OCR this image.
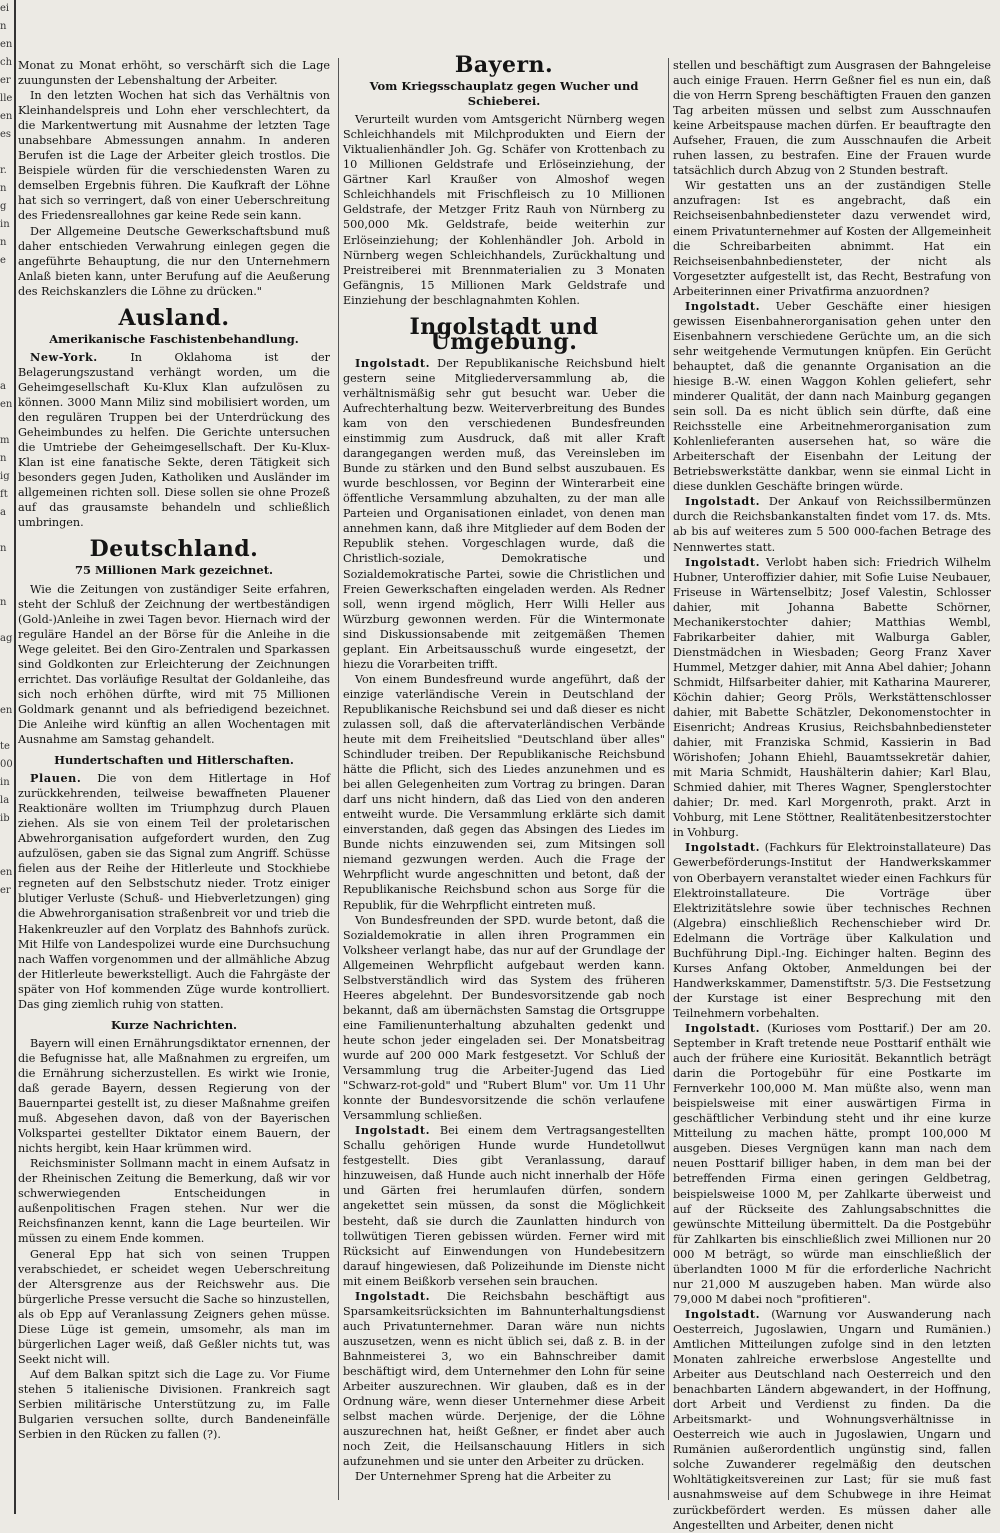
ei
n
en
ch
er
lle
en
es
r.
n
g
in
n
e
a
en
m
n
ig
ft
a
n
n
ag
en
te
00
in
la
ib
en
er

Monat zu Monat erhöht, so verschärft sich die Lage zuungunsten der Lebenshaltung der Arbeiter.

In den letzten Wochen hat sich das Verhältnis von Kleinhandelspreis und Lohn eher verschlechtert, da die Markentwertung mit Ausnahme der letzten Tage unabsehbare Abmessungen annahm. In anderen Berufen ist die Lage der Arbeiter gleich trostlos. Die Beispiele würden für die verschiedensten Waren zu demselben Ergebnis führen. Die Kaufkraft der Löhne hat sich so verringert, daß von einer Ueberschreitung des Friedensreallohnes gar keine Rede sein kann.

Der Allgemeine Deutsche Gewerkschaftsbund muß daher entschieden Verwahrung einlegen gegen die angeführte Behauptung, die nur den Unternehmern Anlaß bieten kann, unter Berufung auf die Aeußerung des Reichskanzlers die Löhne zu drücken."

Ausland.
Amerikanische Faschistenbehandlung.

New-York.	In Oklahoma ist der Belagerungszustand verhängt worden, um die Geheimgesellschaft Ku-Klux Klan aufzulösen zu können. 3000 Mann Miliz sind mobilisiert worden, um den regulären Truppen bei der Unterdrückung des Geheimbundes zu helfen. Die Gerichte untersuchen die Umtriebe der Geheimgesellschaft. Der Ku-Klux-Klan ist eine fanatische Sekte, deren Tätigkeit sich besonders gegen Juden, Katholiken und Ausländer im allgemeinen richten soll. Diese sollen sie ohne Prozeß auf das grausamste behandeln und schließlich umbringen.

Deutschland.
75 Millionen Mark gezeichnet.

Wie die Zeitungen von zuständiger Seite erfahren, steht der Schluß der Zeichnung der wertbeständigen (Gold-)Anleihe in zwei Tagen bevor. Hiernach wird der reguläre Handel an der Börse für die Anleihe in die Wege geleitet. Bei den Giro-Zentralen und Sparkassen sind Goldkonten zur Erleichterung der Zeichnungen errichtet. Das vorläufige Resultat der Goldanleihe, das sich noch erhöhen dürfte, wird mit 75 Millionen Goldmark genannt und als befriedigend bezeichnet. Die Anleihe wird künftig an allen Wochentagen mit Ausnahme am Samstag gehandelt.

Hundertschaften und Hitlerschaften.

Plauen. Die von dem Hitlertage in Hof zurückkehrenden, teilweise bewaffneten Plauener Reaktionäre wollten im Triumphzug durch Plauen ziehen. Als sie von einem Teil der proletarischen Abwehrorganisation aufgefordert wurden, den Zug aufzulösen, gaben sie das Signal zum Angriff. Schüsse fielen aus der Reihe der Hitlerleute und Stockhiebe regneten auf den Selbstschutz nieder. Trotz einiger blutiger Verluste (Schuß- und Hiebverletzungen) ging die Abwehrorganisation straßenbreit vor und trieb die Hakenkreuzler auf den Vorplatz des Bahnhofs zurück. Mit Hilfe von Landespolizei wurde eine Durchsuchung nach Waffen vorgenommen und der allmähliche Abzug der Hitlerleute bewerkstelligt. Auch die Fahrgäste der später von Hof kommenden Züge wurde kontrolliert. Das ging ziemlich ruhig von statten.

Kurze Nachrichten.

Bayern will einen Ernährungsdiktator ernennen, der die Befugnisse hat, alle Maßnahmen zu ergreifen, um die Ernährung sicherzustellen. Es wirkt wie Ironie, daß gerade Bayern, dessen Regierung von der Bauernpartei gestellt ist, zu dieser Maßnahme greifen muß. Abgesehen davon, daß von der Bayerischen Volkspartei gestellter Diktator einem Bauern, der nichts hergibt, kein Haar krümmen wird.

Reichsminister Sollmann macht in einem Aufsatz in der Rheinischen Zeitung die Bemerkung, daß wir vor schwerwiegenden Entscheidungen in außenpolitischen Fragen stehen. Nur wer die Reichsfinanzen kennt, kann die Lage beurteilen. Wir müssen zu einem Ende kommen.

General Epp hat sich von seinen Truppen verabschiedet, er scheidet wegen Ueberschreitung der Altersgrenze aus der Reichswehr aus. Die bürgerliche Presse versucht die Sache so hinzustellen, als ob Epp auf Veranlassung Zeigners gehen müsse. Diese Lüge ist gemein, umsomehr, als man im bürgerlichen Lager weiß, daß Geßler nichts tut, was Seekt nicht will.

Auf dem Balkan spitzt sich die Lage zu. Vor Fiume stehen 5 italienische Divisionen. Frankreich sagt Serbien militärische Unterstützung zu, im Falle Bulgarien versuchen sollte, durch Bandeneinfälle Serbien in den Rücken zu fallen (?).

Bayern.
Vom Kriegsschauplatz gegen Wucher und Schieberei.

Verurteilt wurden vom Amtsgericht Nürnberg wegen Schleichhandels mit Milchprodukten und Eiern der Viktualienhändler Joh. Gg. Schäfer von Krottenbach zu 10 Millionen Geldstrafe und Erlöseinziehung, der Gärtner Karl Kraußer von Almoshof wegen Schleichhandels mit Frischfleisch zu 10 Millionen Geldstrafe, der Metzger Fritz Rauh von Nürnberg zu 500,000 Mk. Geldstrafe, beide weiterhin zur Erlöseinziehung; der Kohlenhändler Joh. Arbold in Nürnberg wegen Schleichhandels, Zurückhaltung und Preistreiberei mit Brennmaterialien zu 3 Monaten Gefängnis, 15 Millionen Mark Geldstrafe und Einziehung der beschlagnahmten Kohlen.

Ingolstadt und Umgebung.

Ingolstadt. Der Republikanische Reichsbund hielt gestern seine Mitgliederversammlung ab, die verhältnismäßig sehr gut besucht war. Ueber die Aufrechterhaltung bezw. Weiterverbreitung des Bundes kam von den verschiedenen Bundesfreunden einstimmig zum Ausdruck, daß mit aller Kraft darangegangen werden muß, das Vereinsleben im Bunde zu stärken und den Bund selbst auszubauen. Es wurde beschlossen, vor Beginn der Winterarbeit eine öffentliche Versammlung abzuhalten, zu der man alle Parteien und Organisationen einladet, von denen man annehmen kann, daß ihre Mitglieder auf dem Boden der Republik stehen. Vorgeschlagen wurde, daß die Christlich-soziale, Demokratische und Sozialdemokratische Partei, sowie die Christlichen und Freien Gewerkschaften eingeladen werden. Als Redner soll, wenn irgend möglich, Herr Willi Heller aus Würzburg gewonnen werden. Für die Wintermonate sind Diskussionsabende mit zeitgemäßen Themen geplant. Ein Arbeitsausschuß wurde eingesetzt, der hiezu die Vorarbeiten trifft.

Von einem Bundesfreund wurde angeführt, daß der einzige vaterländische Verein in Deutschland der Republikanische Reichsbund sei und daß dieser es nicht zulassen soll, daß die aftervaterländischen Verbände heute mit dem Freiheitslied "Deutschland über alles" Schindluder treiben. Der Republikanische Reichsbund hätte die Pflicht, sich des Liedes anzunehmen und es bei allen Gelegenheiten zum Vortrag zu bringen. Daran darf uns nicht hindern, daß das Lied von den anderen entweiht wurde. Die Versammlung erklärte sich damit einverstanden, daß gegen das Absingen des Liedes im Bunde nichts einzuwenden sei, zum Mitsingen soll niemand gezwungen werden. Auch die Frage der Wehrpflicht wurde angeschnitten und betont, daß der Republikanische Reichsbund schon aus Sorge für die Republik, für die Wehrpflicht eintreten muß.

Von Bundesfreunden der SPD. wurde betont, daß die Sozialdemokratie in allen ihren Programmen ein Volksheer verlangt habe, das nur auf der Grundlage der Allgemeinen Wehrpflicht aufgebaut werden kann. Selbstverständlich wird das System des früheren Heeres abgelehnt. Der Bundesvorsitzende gab noch bekannt, daß am übernächsten Samstag die Ortsgruppe eine Familienunterhaltung abzuhalten gedenkt und heute schon jeder eingeladen sei. Der Monatsbeitrag wurde auf 200 000 Mark festgesetzt. Vor Schluß der Versammlung trug die Arbeiter-Jugend das Lied "Schwarz-rot-gold" und "Rubert Blum" vor. Um 11 Uhr konnte der Bundesvorsitzende die schön verlaufene Versammlung schließen.

Ingolstadt. Bei einem dem Vertragsangestellten Schallu gehörigen Hunde wurde Hundetollwut festgestellt. Dies gibt Veranlassung, darauf hinzuweisen, daß Hunde auch nicht innerhalb der Höfe und Gärten frei herumlaufen dürfen, sondern angekettet sein müssen, da sonst die Möglichkeit besteht, daß sie durch die Zaunlatten hindurch von tollwütigen Tieren gebissen würden. Ferner wird mit Rücksicht auf Einwendungen von Hundebesitzern darauf hingewiesen, daß Polizeihunde im Dienste nicht mit einem Beißkorb versehen sein brauchen.

Ingolstadt. Die Reichsbahn beschäftigt aus Sparsamkeitsrücksichten im Bahnunterhaltungsdienst auch Privatunternehmer. Daran wäre nun nichts auszusetzen, wenn es nicht üblich sei, daß z. B. in der Bahnmeisterei 3, wo ein Bahnschreiber damit beschäftigt wird, dem Unternehmer den Lohn für seine Arbeiter auszurechnen. Wir glauben, daß es in der Ordnung wäre, wenn dieser Unternehmer diese Arbeit selbst machen würde. Derjenige, der die Löhne auszurechnen hat, heißt Geßner, er findet aber auch noch Zeit, die Heilsanschauung Hitlers in sich aufzunehmen und sie unter den Arbeiter zu drücken.

Der Unternehmer Spreng hat die Arbeiter zu

stellen und beschäftigt zum Ausgrasen der Bahngeleise auch einige Frauen. Herrn Geßner fiel es nun ein, daß die von Herrn Spreng beschäftigten Frauen den ganzen Tag arbeiten müssen und selbst zum Ausschnaufen keine Arbeitspause machen dürfen. Er beauftragte den Aufseher, Frauen, die zum Ausschnaufen die Arbeit ruhen lassen, zu bestrafen. Eine der Frauen wurde tatsächlich durch Abzug von 2 Stunden bestraft.

Wir gestatten uns an der zuständigen Stelle anzufragen: Ist es angebracht, daß ein Reichseisenbahnbediensteter dazu verwendet wird, einem Privatunternehmer auf Kosten der Allgemeinheit die Schreibarbeiten abnimmt. Hat ein Reichseisenbahnbediensteter, der nicht als Vorgesetzter aufgestellt ist, das Recht, Bestrafung von Arbeiterinnen einer Privatfirma anzuordnen?

Ingolstadt. Ueber Geschäfte einer hiesigen gewissen Eisenbahnerorganisation gehen unter den Eisenbahnern verschiedene Gerüchte um, an die sich sehr weitgehende Vermutungen knüpfen. Ein Gerücht behauptet, daß die genannte Organisation an die hiesige B.-W. einen Waggon Kohlen geliefert, sehr minderer Qualität, der dann nach Mainburg gegangen sein soll. Da es nicht üblich sein dürfte, daß eine Reichsstelle eine Arbeitnehmerorganisation zum Kohlenlieferanten ausersehen hat, so wäre die Arbeiterschaft der Eisenbahn der Leitung der Betriebswerkstätte dankbar, wenn sie einmal Licht in diese dunklen Geschäfte bringen würde.

Ingolstadt. Der Ankauf von Reichssilbermünzen durch die Reichsbankanstalten findet vom 17. ds. Mts. ab bis auf weiteres zum 5 500 000-fachen Betrage des Nennwertes statt.

Ingolstadt. Verlobt haben sich: Friedrich Wilhelm Hubner, Unteroffizier dahier, mit Sofie Luise Neubauer, Friseuse in Wärtenselbitz; Josef Valestin, Schlosser dahier, mit Johanna Babette Schörner, Mechanikerstochter dahier; Matthias Wembl, Fabrikarbeiter dahier, mit Walburga Gabler, Dienstmädchen in Wiesbaden; Georg Franz Xaver Hummel, Metzger dahier, mit Anna Abel dahier; Johann Schmidt, Hilfsarbeiter dahier, mit Katharina Maurerer, Köchin dahier; Georg Pröls, Werkstättenschlosser dahier, mit Babette Schätzler, Dekonomenstochter in Eisenricht; Andreas Krusius, Reichsbahnbediensteter dahier, mit Franziska Schmid, Kassierin in Bad Wörishofen; Johann Ehiehl, Bauamtssekretär dahier, mit Maria Schmidt, Haushälterin dahier; Karl Blau, Schmied dahier, mit Theres Wagner, Spenglerstochter dahier; Dr. med. Karl Morgenroth, prakt. Arzt in Vohburg, mit Lene Stöttner, Realitätenbesitzerstochter in Vohburg.

Ingolstadt. (Fachkurs für Elektroinstallateure) Das Gewerbeförderungs-Institut der Handwerkskammer von Oberbayern veranstaltet wieder einen Fachkurs für Elektroinstallateure. Die Vorträge über Elektrizitätslehre sowie über technisches Rechnen (Algebra) einschließlich Rechenschieber wird Dr. Edelmann die Vorträge über Kalkulation und Buchführung Dipl.-Ing. Eichinger halten. Beginn des Kurses Anfang Oktober, Anmeldungen bei der Handwerkskammer, Damenstiftstr. 5/3. Die Festsetzung der Kurstage ist einer Besprechung mit den Teilnehmern vorbehalten.

Ingolstadt. (Kurioses vom Posttarif.) Der am 20. September in Kraft tretende neue Posttarif enthält wie auch der frühere eine Kuriosität. Bekanntlich beträgt darin die Portogebühr für eine Postkarte im Fernverkehr 100,000 M. Man müßte also, wenn man beispielsweise mit einer auswärtigen Firma in geschäftlicher Verbindung steht und ihr eine kurze Mitteilung zu machen hätte, prompt 100,000 M ausgeben. Dieses Vergnügen kann man nach dem neuen Posttarif billiger haben, in dem man bei der betreffenden Firma einen geringen Geldbetrag, beispielsweise 1000 M, per Zahlkarte überweist und auf der Rückseite des Zahlungsabschnittes die gewünschte Mitteilung übermittelt. Da die Postgebühr für Zahlkarten bis einschließlich zwei Millionen nur 20 000 M beträgt, so würde man einschließlich der überlandten 1000 M für die erforderliche Nachricht nur 21,000 M auszugeben haben. Man würde also 79,000 M dabei noch "profitieren".

Ingolstadt. (Warnung vor Auswanderung nach Oesterreich, Jugoslawien, Ungarn und Rumänien.) Amtlichen Mitteilungen zufolge sind in den letzten Monaten zahlreiche erwerbslose Angestellte und Arbeiter aus Deutschland nach Oesterreich und den benachbarten Ländern abgewandert, in der Hoffnung, dort Arbeit und Verdienst zu finden. Da die Arbeitsmarkt- und Wohnungsverhältnisse in Oesterreich wie auch in Jugoslawien, Ungarn und Rumänien außerordentlich ungünstig sind, fallen solche Zuwanderer regelmäßig den deutschen Wohltätigkeitsvereinen zur Last; für sie muß fast ausnahmsweise auf dem Schubwege in ihre Heimat zurückbefördert werden. Es müssen daher alle Angestellten und Arbeiter, denen nicht
